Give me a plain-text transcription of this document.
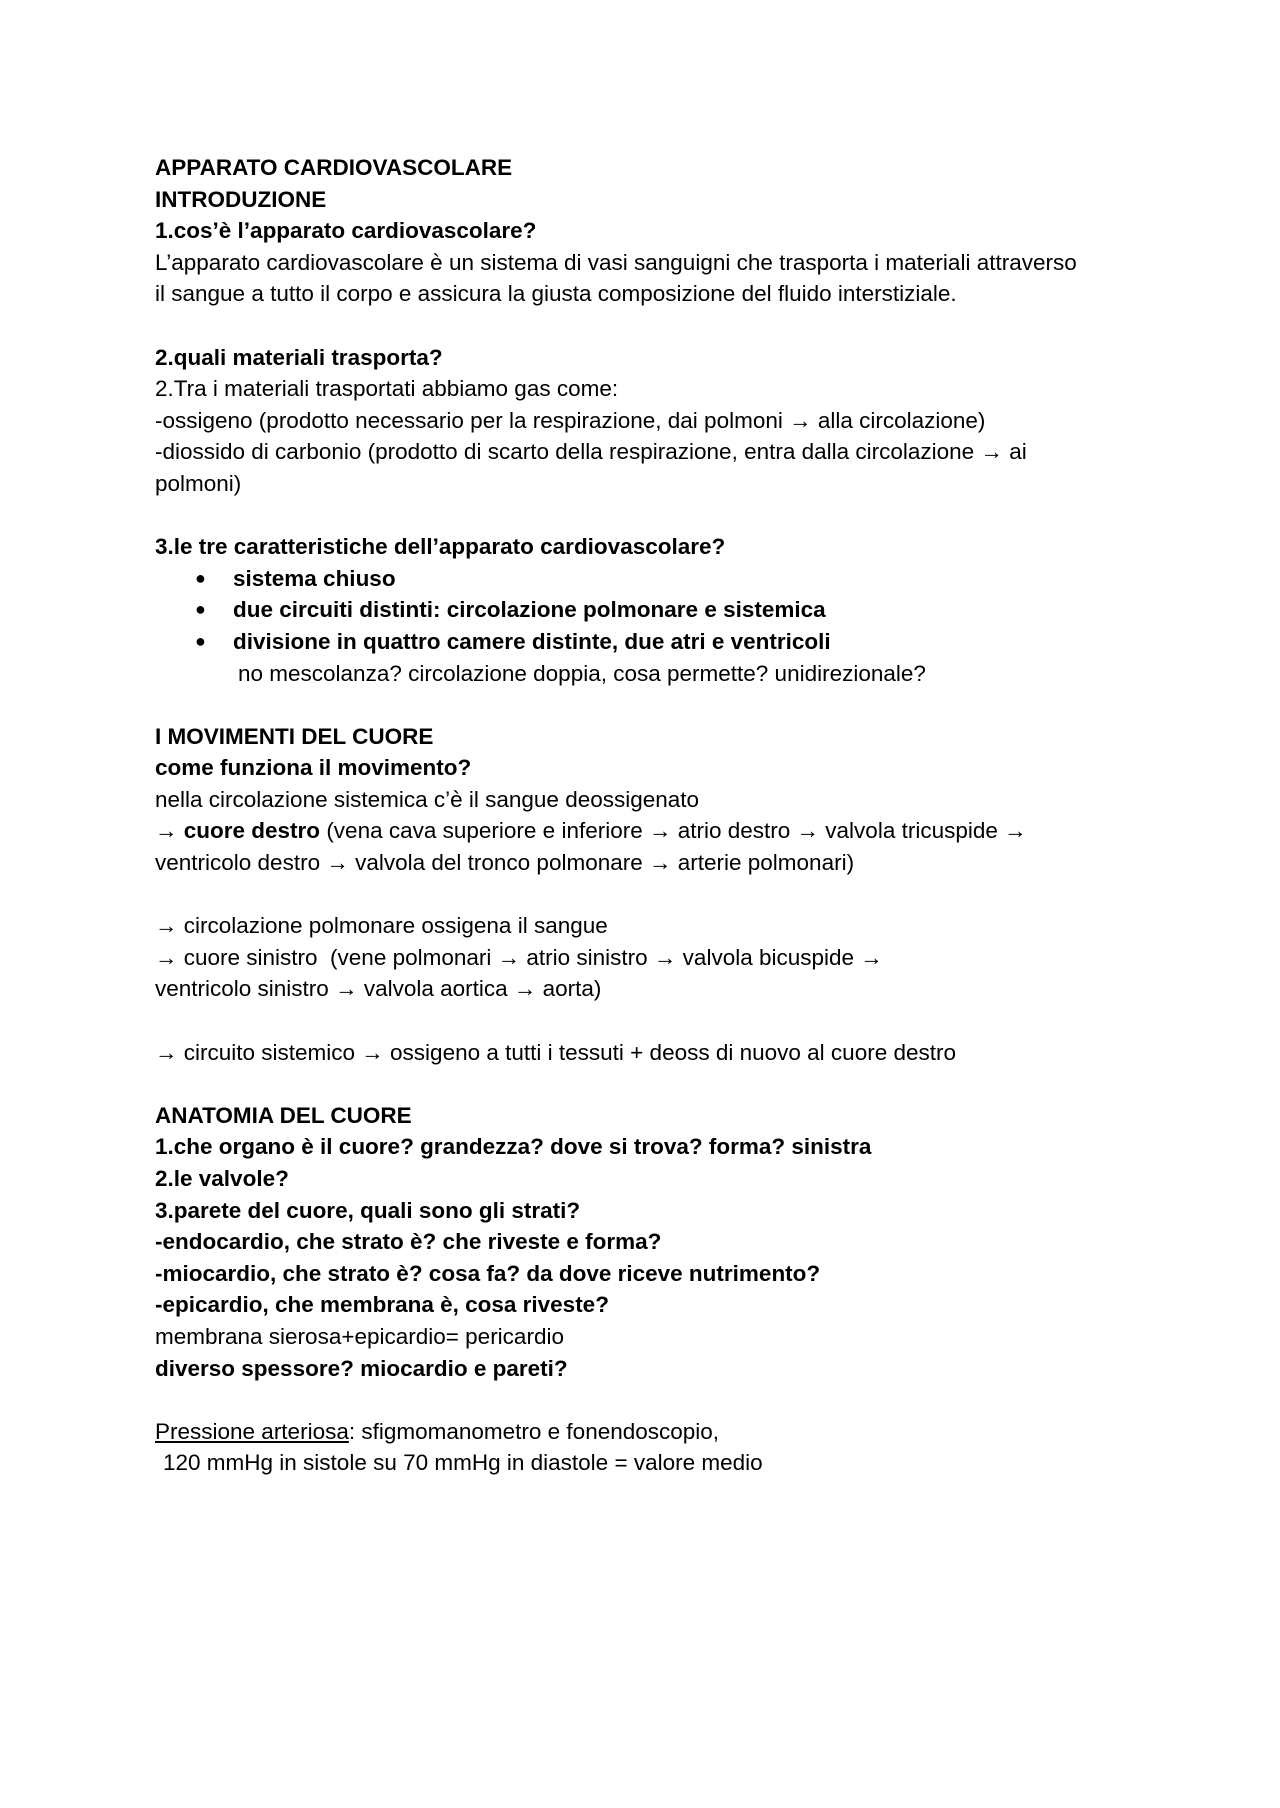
APPARATO CARDIOVASCOLARE
INTRODUZIONE
1.cos’è l’apparato cardiovascolare?
L’apparato cardiovascolare è un sistema di vasi sanguigni che trasporta i materiali attraverso
il sangue a tutto il corpo e assicura la giusta composizione del fluido interstiziale.
2.quali materiali trasporta?
2.Tra i materiali trasportati abbiamo gas come:
-ossigeno (prodotto necessario per la respirazione, dai polmoni → alla circolazione)
-diossido di carbonio (prodotto di scarto della respirazione, entra dalla circolazione → ai
polmoni)
3.le tre caratteristiche dell’apparato cardiovascolare?
● sistema chiuso
● due circuiti distinti: circolazione polmonare e sistemica
● divisione in quattro camere distinte, due atri e ventricoli
no mescolanza? circolazione doppia, cosa permette? unidirezionale?
I MOVIMENTI DEL CUORE
come funziona il movimento?
nella circolazione sistemica c’è il sangue deossigenato
→ cuore destro (vena cava superiore e inferiore → atrio destro → valvola tricuspide →
ventricolo destro → valvola del tronco polmonare → arterie polmonari)
→ circolazione polmonare ossigena il sangue
→ cuore sinistro  (vene polmonari → atrio sinistro → valvola bicuspide →
ventricolo sinistro → valvola aortica → aorta)
→ circuito sistemico → ossigeno a tutti i tessuti + deoss di nuovo al cuore destro
ANATOMIA DEL CUORE
1.che organo è il cuore? grandezza? dove si trova? forma? sinistra
2.le valvole?
3.parete del cuore, quali sono gli strati?
-endocardio, che strato è? che riveste e forma?
-miocardio, che strato è? cosa fa? da dove riceve nutrimento?
-epicardio, che membrana è, cosa riveste?
membrana sierosa+epicardio= pericardio
diverso spessore? miocardio e pareti?
Pressione arteriosa: sfigmomanometro e fonendoscopio,
120 mmHg in sistole su 70 mmHg in diastole = valore medio
